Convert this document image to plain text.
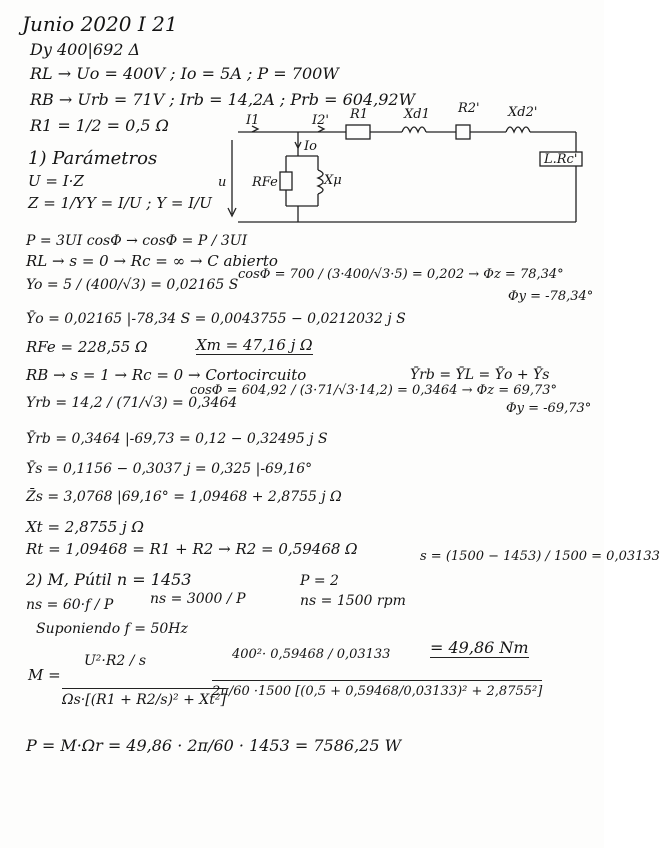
Junio 2020 I 21
Dy 400|692 Δ
RL → Uo = 400V ; Io = 5A ; P = 700W
RB → Urb = 71V ; Irb = 14,2A ; Prb = 604,92W
R1 = 1/2 = 0,5 Ω	I1	I2'
Io
R1	Xd1 R2' Xd2'
RFe	Xμ
L.Rc'
u
1) Parámetros
U = I·Z
Z = 1/Y Y = I/U ; Y = I/U
P = 3UI cosΦ → cosΦ = P / 3UI
RL → s = 0 → Rc = ∞ → C abierto
Yo = 5 / (400/√3) = 0,02165 S
cosΦ = 700 / (3·400/√3·5) = 0,202 → Φz = 78,34°
Φy = -78,34°
Ȳo = 0,02165 |-78,34 S = 0,0043755 − 0,0212032 j S
RFe = 228,55 Ω	Xm = 47,16 j Ω
RB → s = 1 → Rc = 0 → Cortocircuito	Ȳrb = ȲL = Ȳo + Ȳs
Yrb = 14,2 / (71/√3) = 0,3464
cosΦ = 604,92 / (3·71/√3·14,2) = 0,3464 → Φz = 69,73°
Φy = -69,73°
Ȳrb = 0,3464 |-69,73 = 0,12 − 0,32495 j S
Ȳs = 0,1156 − 0,3037 j = 0,325 |-69,16°
Z̄s = 3,0768 |69,16° = 1,09468 + 2,8755 j Ω
Xt = 2,8755 j Ω
Rt = 1,09468 = R1 + R2 → R2 = 0,59468 Ω
2) M, Pútil n = 1453
ns = 60·f / P	ns = 3000 / P
P = 2
ns = 1500 rpm
s = (1500 − 1453) / 1500 = 0,03133
Suponiendo f = 50Hz
M =
U²·R2 / s
Ωs·[(R1 + R2/s)² + Xt²]
400²· 0,59468 / 0,03133
2π/60 ·1500 [(0,5 + 0,59468/0,03133)² + 2,8755²]
= 49,86 Nm
P = M·Ωr = 49,86 · 2π/60 · 1453 = 7586,25 W
